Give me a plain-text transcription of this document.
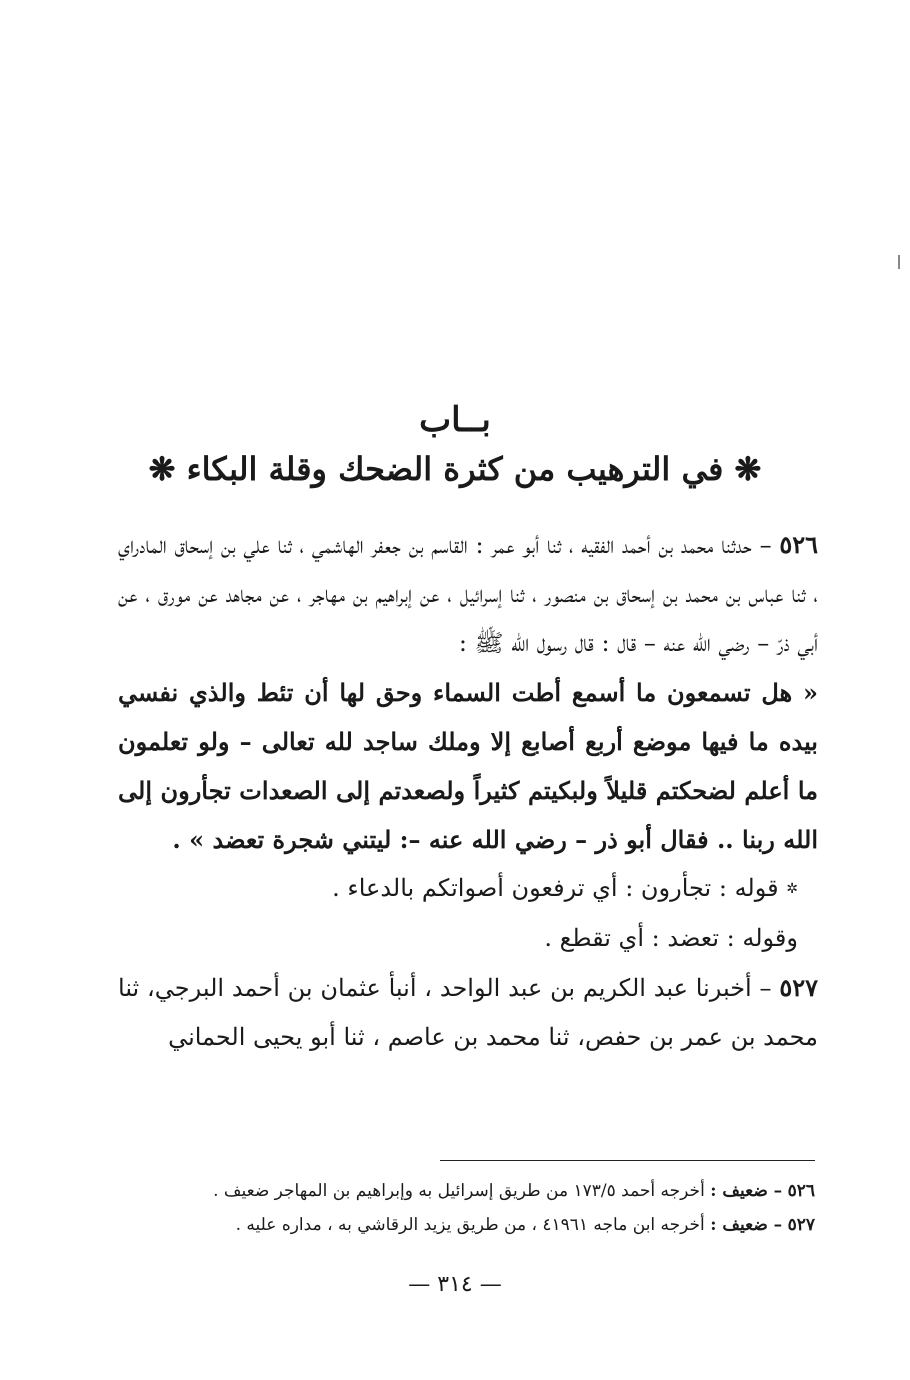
بــاب
❋ في الترهيب من كثرة الضحك وقلة البكاء ❋

٥٢٦ – حدثنا محمد بن أحمد الفقيه ، ثنا أبو عمر : القاسم بن جعفر الهاشمي ، ثنا علي بن إسحاق المادراي ، ثنا عباس بن محمد بن إسحاق بن منصور ، ثنا إسرائيل ، عن إبراهيم بن مهاجر ، عن مجاهد عن مورق ، عن أبي ذرّ – رضي الله عنه – قال : قال رسول الله ﷺ :

« هل تسمعون ما أسمع أطت السماء وحق لها أن تئط والذي نفسي بيده ما فيها موضع أربع أصابع إلا وملك ساجد لله تعالى – ولو تعلمون ما أعلم لضحكتم قليلاً ولبكيتم كثيراً ولصعدتم إلى الصعدات تجأرون إلى الله ربنا .. فقال أبو ذر – رضي الله عنه –: ليتني شجرة تعضد » .

✲ قوله : تجأرون : أي ترفعون أصواتكم بالدعاء .

وقوله : تعضد : أي تقطع .

٥٢٧ – أخبرنا عبد الكريم بن عبد الواحد ، أنبأ عثمان بن أحمد البرجي، ثنا محمد بن عمر بن حفص، ثنا محمد بن عاصم ، ثنا أبو يحيى الحماني

٥٢٦ – ضعيف : أخرجه أحمد ١٧٣/٥ من طريق إسرائيل به وإبراهيم بن المهاجر ضعيف .

٥٢٧ – ضعيف : أخرجه ابن ماجه ٤١٩٦١ ، من طريق يزيد الرقاشي به ، مداره عليه .

— ٣١٤ —
